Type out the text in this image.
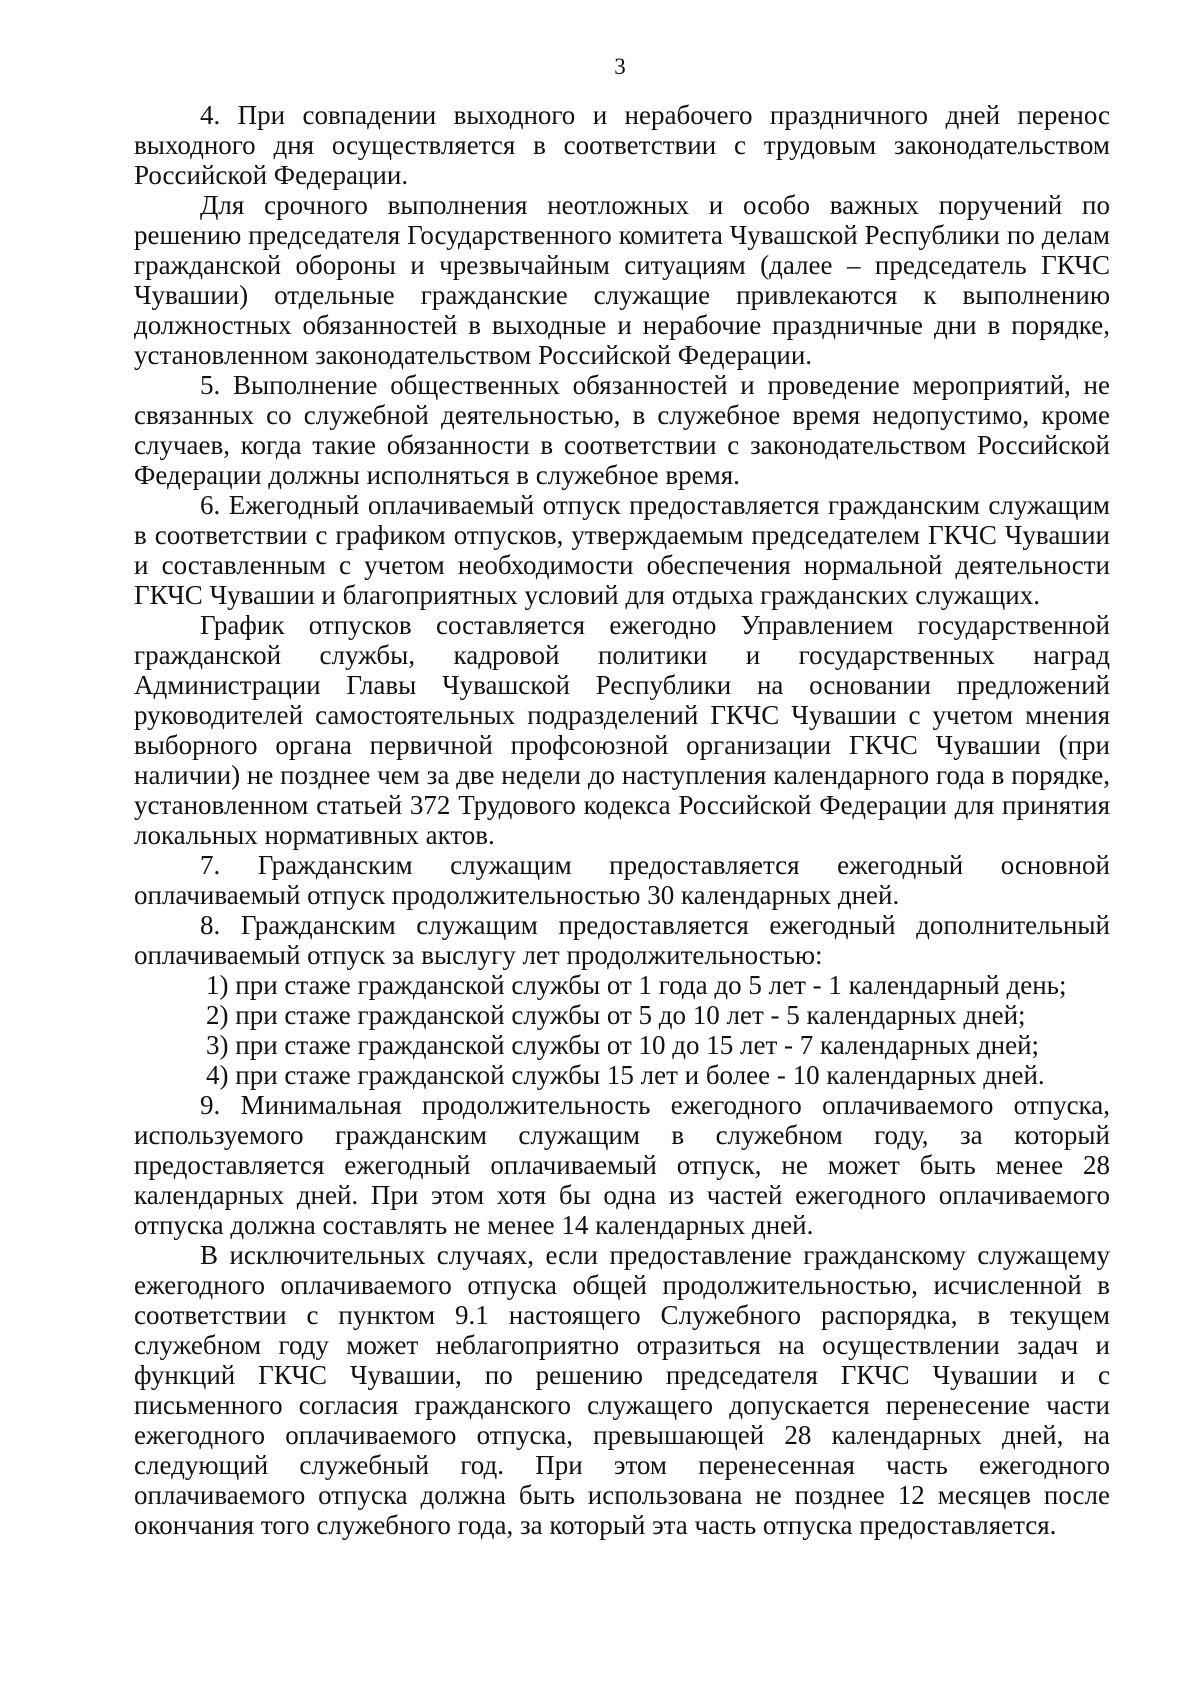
3

4. При совпадении выходного и нерабочего праздничного дней перенос выходного дня осуществляется в соответствии с трудовым законодательством Российской Федерации.

Для срочного выполнения неотложных и особо важных поручений по решению председателя Государственного комитета Чувашской Республики по делам гражданской обороны и чрезвычайным ситуациям (далее – председатель ГКЧС Чувашии) отдельные гражданские служащие привлекаются к выполнению должностных обязанностей в выходные и нерабочие праздничные дни в порядке, установленном законодательством Российской Федерации.

5. Выполнение общественных обязанностей и проведение мероприятий, не связанных со служебной деятельностью, в служебное время недопустимо, кроме случаев, когда такие обязанности в соответствии с законодательством Российской Федерации должны исполняться в служебное время.

6. Ежегодный оплачиваемый отпуск предоставляется гражданским служащим в соответствии с графиком отпусков, утверждаемым председателем ГКЧС Чувашии и составленным с учетом необходимости обеспечения нормальной деятельности ГКЧС Чувашии и благоприятных условий для отдыха гражданских служащих.

График отпусков составляется ежегодно Управлением государственной гражданской службы, кадровой политики и государственных наград Администрации Главы Чувашской Республики на основании предложений руководителей самостоятельных подразделений ГКЧС Чувашии с учетом мнения выборного органа первичной профсоюзной организации ГКЧС Чувашии (при наличии) не позднее чем за две недели до наступления календарного года в порядке, установленном статьей 372 Трудового кодекса Российской Федерации для принятия локальных нормативных актов.

7. Гражданским служащим предоставляется ежегодный основной оплачиваемый отпуск продолжительностью 30 календарных дней.

8. Гражданским служащим предоставляется ежегодный дополнительный оплачиваемый отпуск за выслугу лет продолжительностью:

1) при стаже гражданской службы от 1 года до 5 лет - 1 календарный день;

2) при стаже гражданской службы от 5 до 10 лет - 5 календарных дней;

3) при стаже гражданской службы от 10 до 15 лет - 7 календарных дней;

4) при стаже гражданской службы 15 лет и более - 10 календарных дней.

9. Минимальная продолжительность ежегодного оплачиваемого отпуска, используемого гражданским служащим в служебном году, за который предоставляется ежегодный оплачиваемый отпуск, не может быть менее 28 календарных дней. При этом хотя бы одна из частей ежегодного оплачиваемого отпуска должна составлять не менее 14 календарных дней.

В исключительных случаях, если предоставление гражданскому служащему ежегодного оплачиваемого отпуска общей продолжительностью, исчисленной в соответствии с пунктом 9.1 настоящего Служебного распорядка, в текущем служебном году может неблагоприятно отразиться на осуществлении задач и функций ГКЧС Чувашии, по решению председателя ГКЧС Чувашии и с письменного согласия гражданского служащего допускается перенесение части ежегодного оплачиваемого отпуска, превышающей 28 календарных дней, на следующий служебный год. При этом перенесенная часть ежегодного оплачиваемого отпуска должна быть использована не позднее 12 месяцев после окончания того служебного года, за который эта часть отпуска предоставляется.
